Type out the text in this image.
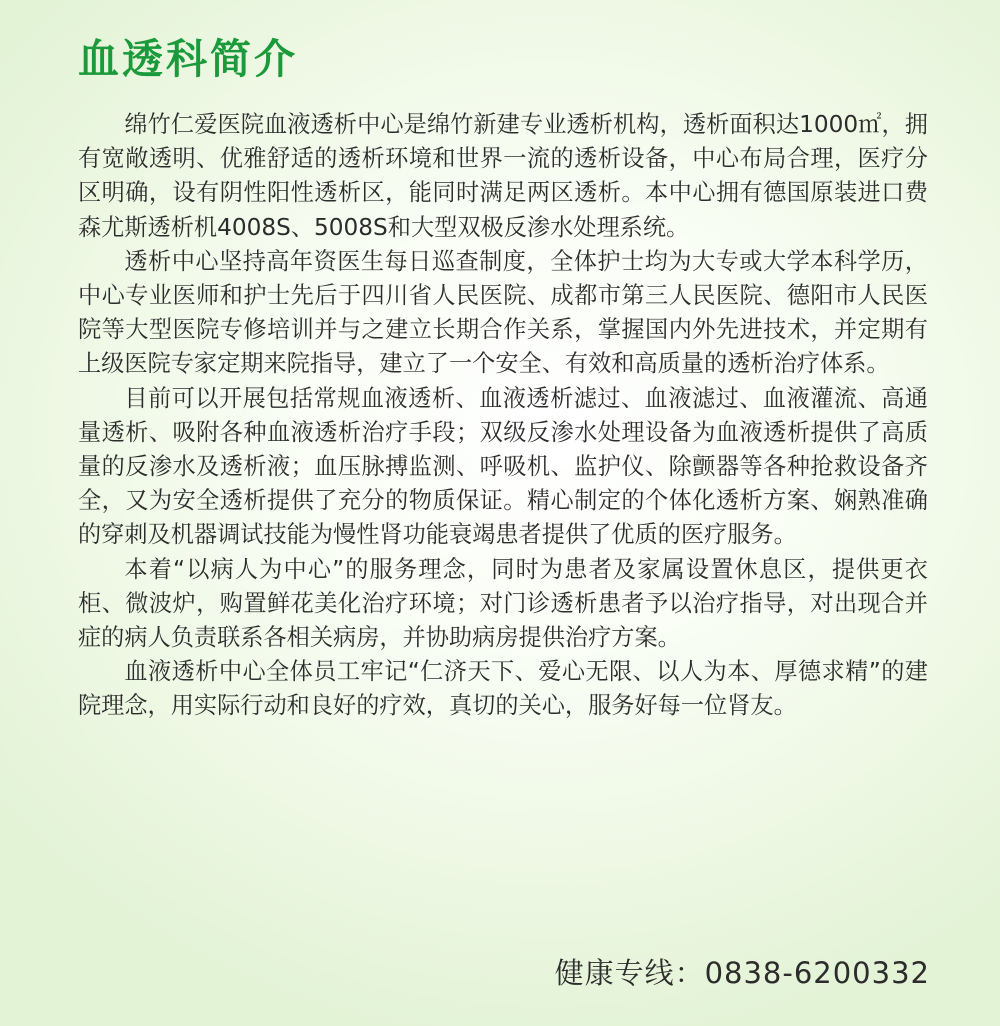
血透科简介

绵竹仁爱医院血液透析中心是绵竹新建专业透析机构，透析面积达1000㎡，拥有宽敞透明、优雅舒适的透析环境和世界一流的透析设备，中心布局合理，医疗分区明确，设有阴性阳性透析区，能同时满足两区透析。本中心拥有德国原装进口费森尤斯透析机4008S、5008S和大型双极反渗水处理系统。

透析中心坚持高年资医生每日巡查制度，全体护士均为大专或大学本科学历，中心专业医师和护士先后于四川省人民医院、成都市第三人民医院、德阳市人民医院等大型医院专修培训并与之建立长期合作关系，掌握国内外先进技术，并定期有上级医院专家定期来院指导，建立了一个安全、有效和高质量的透析治疗体系。

目前可以开展包括常规血液透析、血液透析滤过、血液滤过、血液灌流、高通量透析、吸附各种血液透析治疗手段；双级反渗水处理设备为血液透析提供了高质量的反渗水及透析液；血压脉搏监测、呼吸机、监护仪、除颤器等各种抢救设备齐全，又为安全透析提供了充分的物质保证。精心制定的个体化透析方案、娴熟准确的穿刺及机器调试技能为慢性肾功能衰竭患者提供了优质的医疗服务。

本着“以病人为中心”的服务理念，同时为患者及家属设置休息区，提供更衣柜、微波炉，购置鲜花美化治疗环境；对门诊透析患者予以治疗指导，对出现合并症的病人负责联系各相关病房，并协助病房提供治疗方案。

血液透析中心全体员工牢记“仁济天下、爱心无限、以人为本、厚德求精”的建院理念，用实际行动和良好的疗效，真切的关心，服务好每一位肾友。

健康专线：0838-6200332
